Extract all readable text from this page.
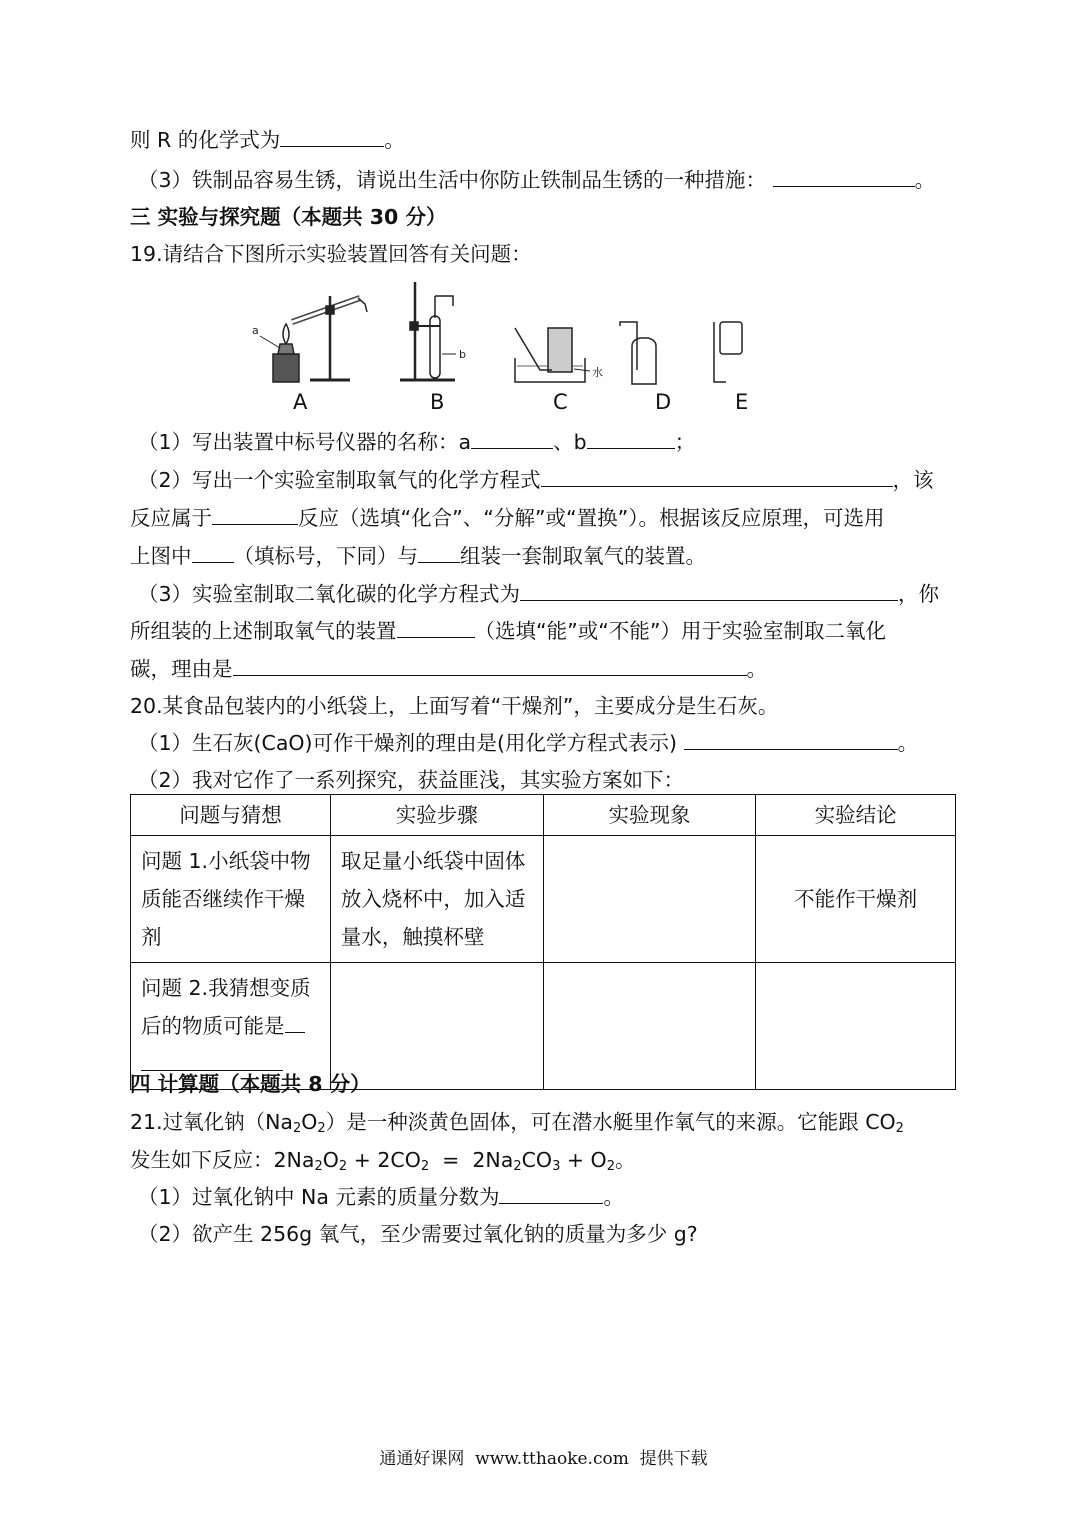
则 R 的化学式为	。
（3）铁制品容易生锈，请说出生活中你防止铁制品生锈的一种措施：	。
三 实验与探究题（本题共 30 分）
19.请结合下图所示实验装置回答有关问题：
a
b
水
A	B	C	D	E
（1）写出装置中标号仪器的名称：a	、b	；
（2）写出一个实验室制取氧气的化学方程式	，该
反应属于	反应（选填“化合”、“分解”或“置换”）。根据该反应原理，可选用
上图中 （填标号，下同）与 组装一套制取氧气的装置。
（3）实验室制取二氧化碳的化学方程式为	，你
所组装的上述制取氧气的装置	（选填“能”或“不能”）用于实验室制取二氧化
碳，理由是	。
20.某食品包装内的小纸袋上，上面写着“干燥剂”，主要成分是生石灰。
（1）生石灰(CaO)可作干燥剂的理由是(用化学方程式表示)	。
（2）我对它作了一系列探究，获益匪浅，其实验方案如下：
问题与猜想	实验步骤	实验现象	实验结论
问题 1.小纸袋中物质能否继续作干燥剂	取足量小纸袋中固体放入烧杯中，加入适量水，触摸杯壁		不能作干燥剂
问题 2.我猜想变质后的物质可能是

四 计算题（本题共 8 分）
21.过氧化钠$(Na_2O_2)$是一种淡黄色固体，可在潜水艇里作氧气的来源。它能跟 $CO_2$
发生如下反应：$2Na_2O_2 + 2CO_2 = 2Na_2CO_3 + O_2$。
（1）过氧化钠中 Na 元素的质量分数为	。
（2）欲产生 256g 氧气，至少需要过氧化钠的质量为多少 g?
通通好课网  www.tthaoke.com  提供下载
